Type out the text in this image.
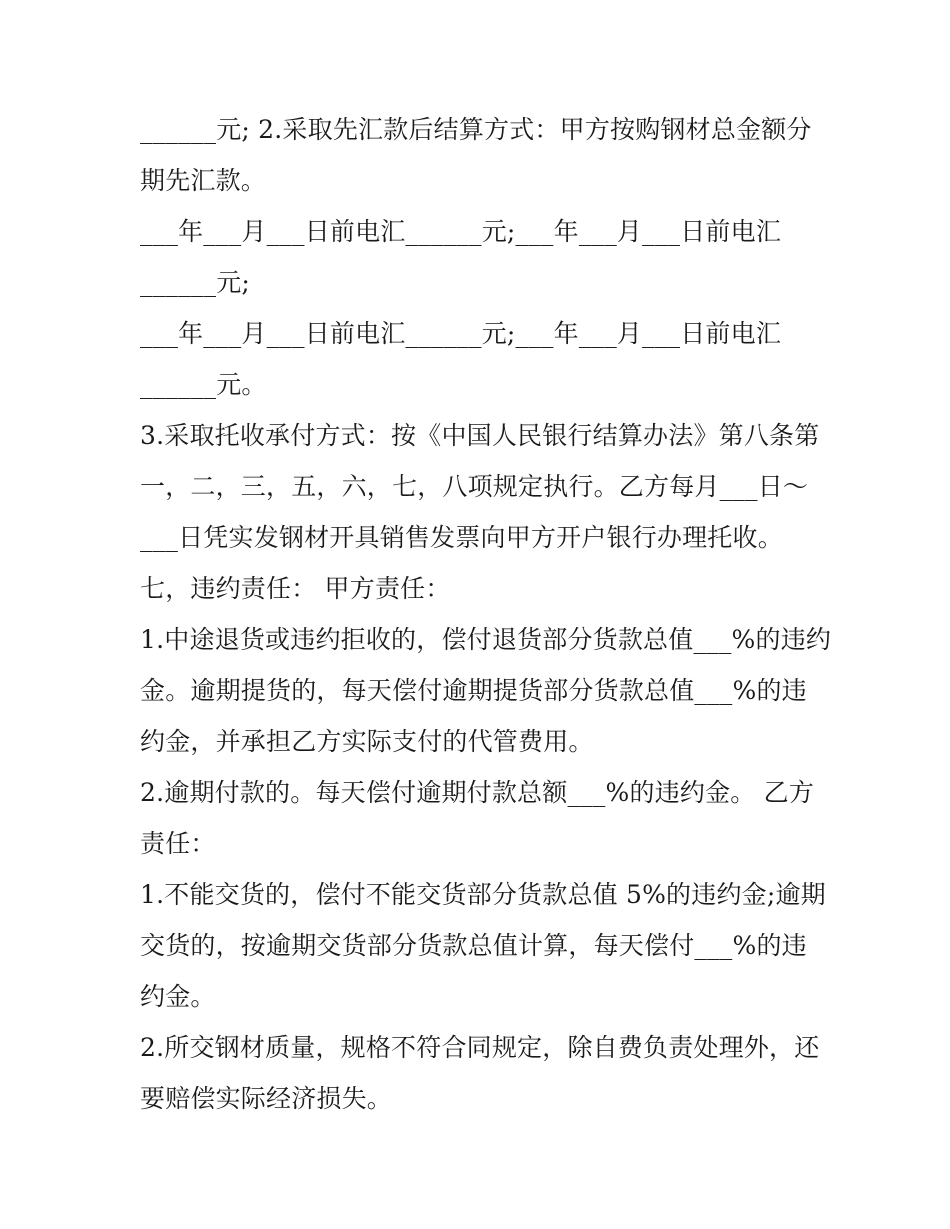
______元; 2.采取先汇款后结算方式：甲方按购钢材总金额分
期先汇款。
___年___月___日前电汇______元;___年___月___日前电汇
______元;
___年___月___日前电汇______元;___年___月___日前电汇
______元。
3.采取托收承付方式：按《中国人民银行结算办法》第八条第
一，二，三，五，六，七，八项规定执行。乙方每月___日～
___日凭实发钢材开具销售发票向甲方开户银行办理托收。
七，违约责任： 甲方责任：
1.中途退货或违约拒收的，偿付退货部分货款总值___%的违约
金。逾期提货的，每天偿付逾期提货部分货款总值___%的违
约金，并承担乙方实际支付的代管费用。
2.逾期付款的。每天偿付逾期付款总额___%的违约金。 乙方
责任：
1.不能交货的，偿付不能交货部分货款总值 5%的违约金;逾期
交货的，按逾期交货部分货款总值计算，每天偿付___%的违
约金。
2.所交钢材质量，规格不符合同规定，除自费负责处理外，还
要赔偿实际经济损失。
